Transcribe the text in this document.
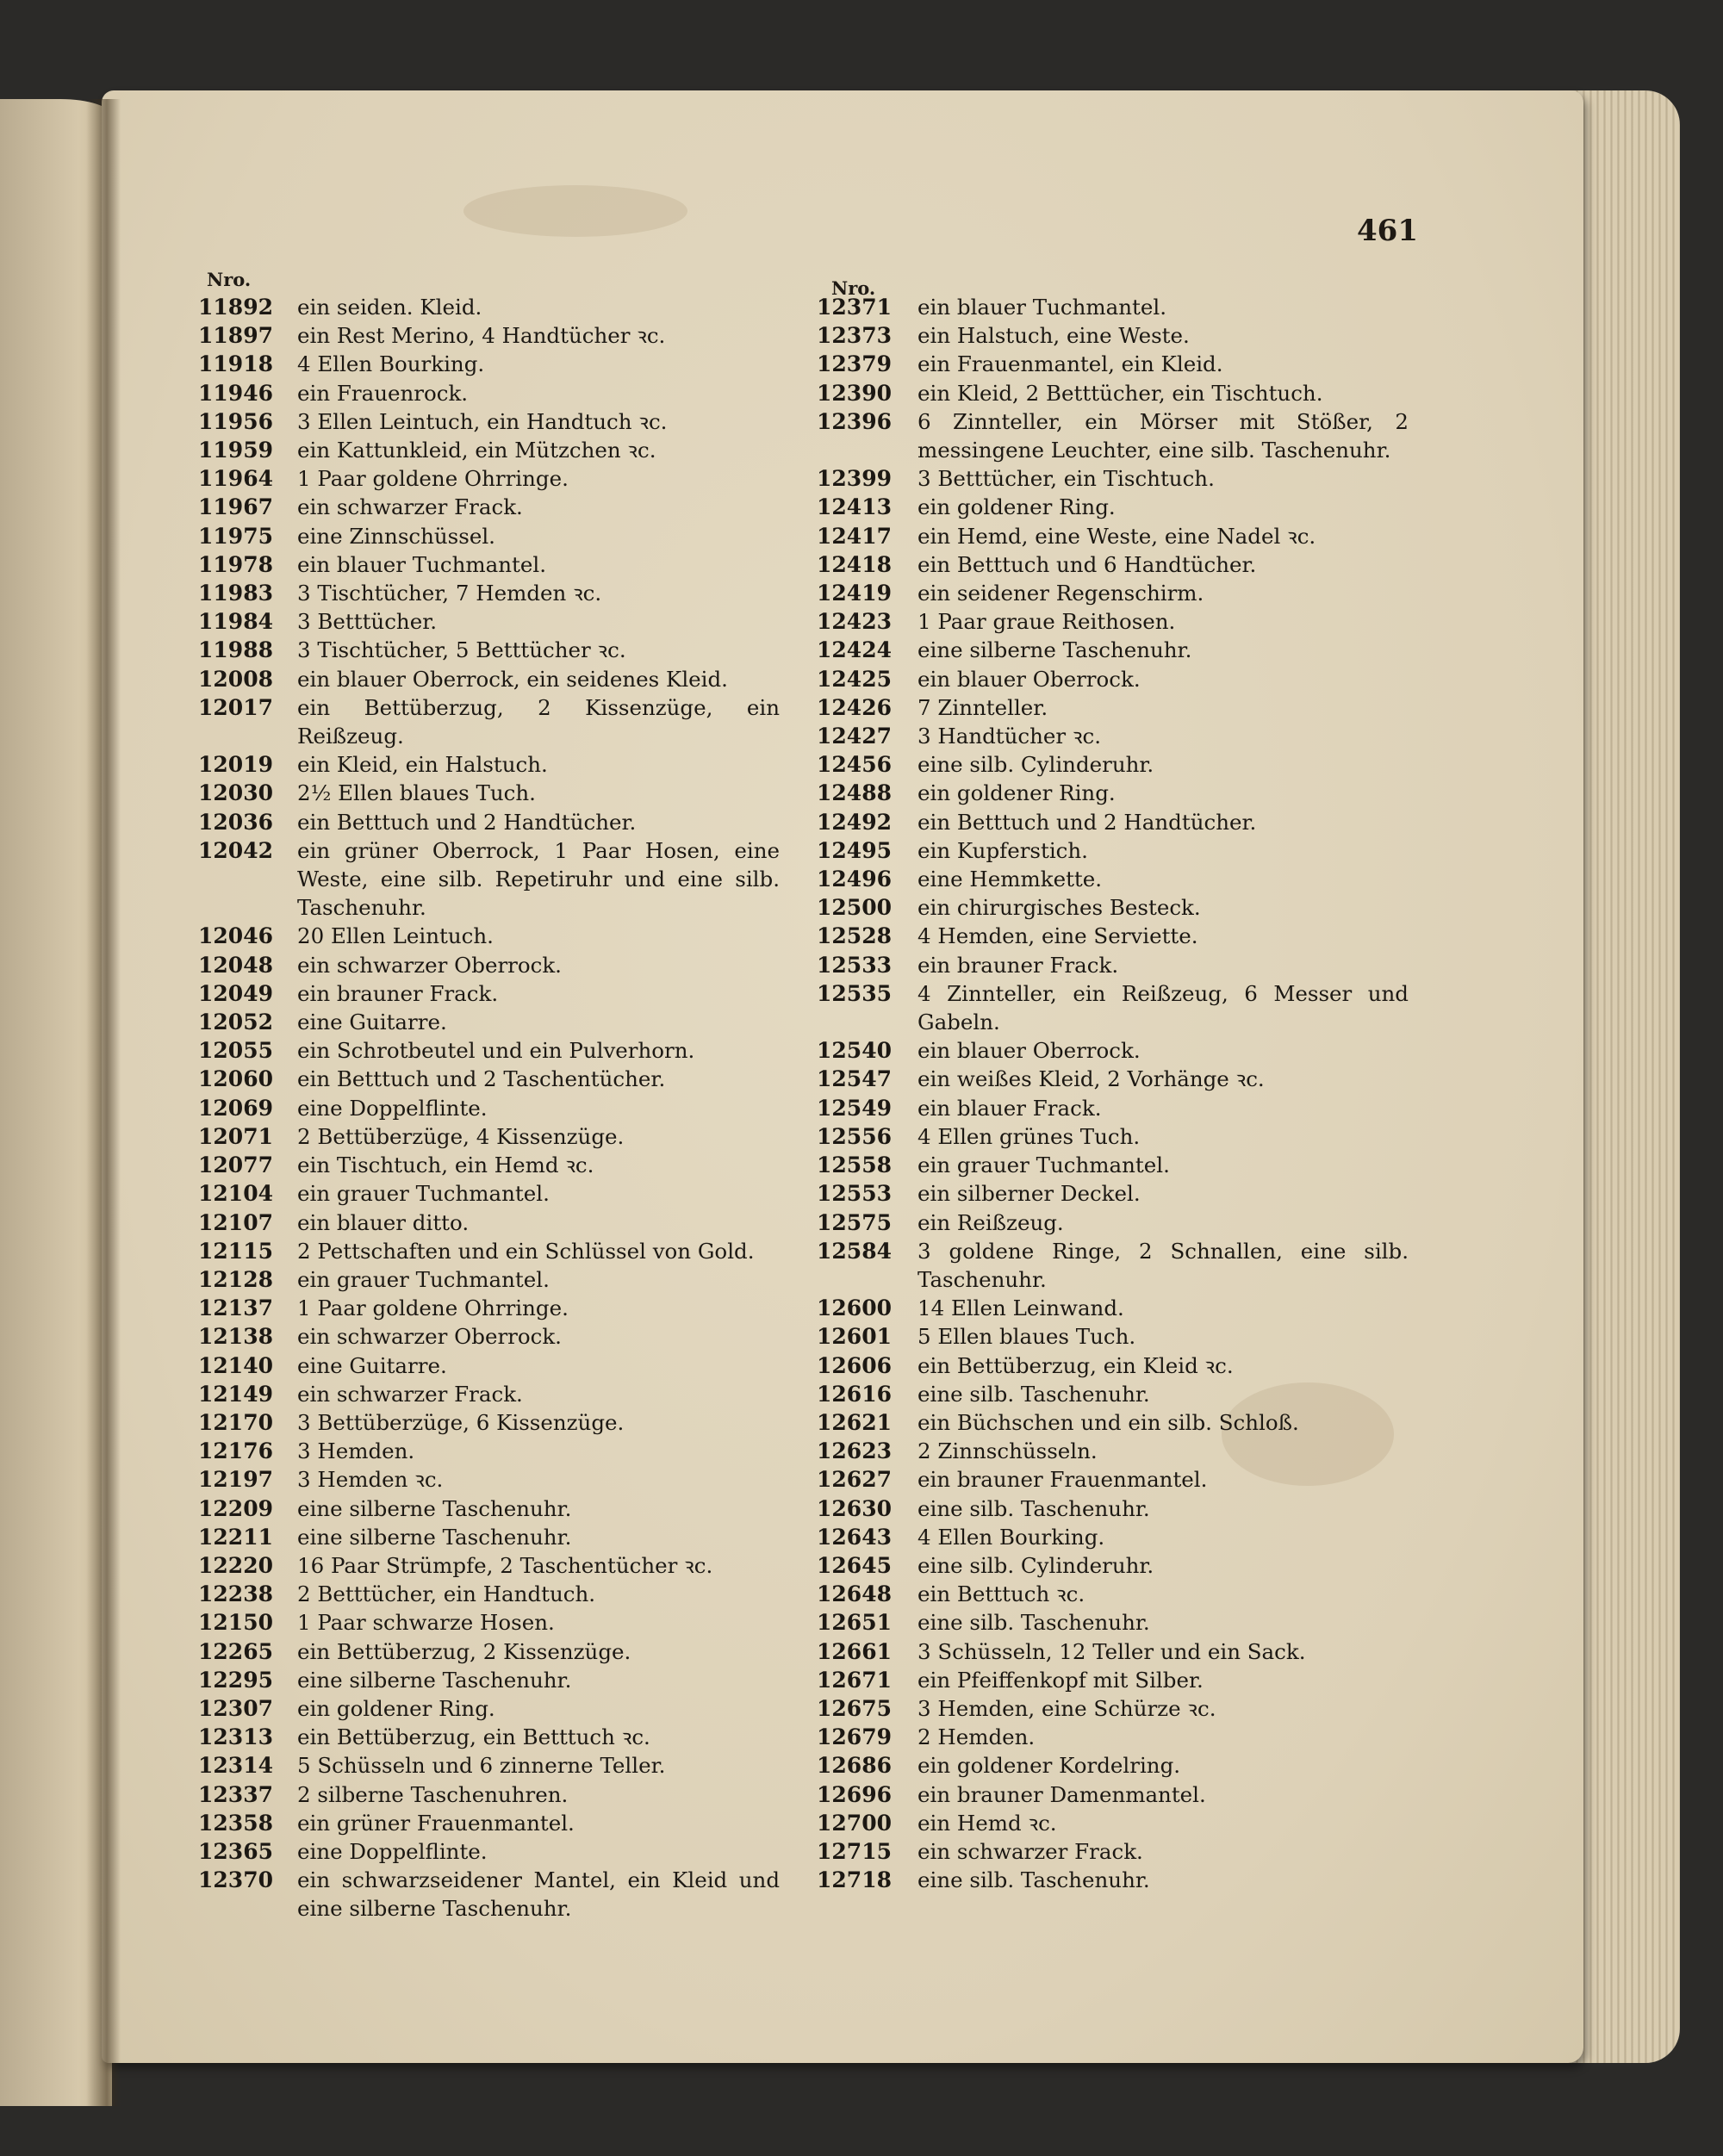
461
Nro.	Nro.
11892 ein seiden. Kleid.
11897 ein Rest Merino, 4 Handtücher ꝛc.
11918 4 Ellen Bourking.
11946 ein Frauenrock.
11956 3 Ellen Leintuch, ein Handtuch ꝛc.
11959 ein Kattunkleid, ein Mützchen ꝛc.
11964 1 Paar goldene Ohrringe.
11967 ein schwarzer Frack.
11975 eine Zinnschüssel.
11978 ein blauer Tuchmantel.
11983 3 Tischtücher, 7 Hemden ꝛc.
11984 3 Betttücher.
11988 3 Tischtücher, 5 Betttücher ꝛc.
12008 ein blauer Oberrock, ein seidenes Kleid.
12017 ein Bettüberzug, 2 Kissenzüge, ein Reißzeug.
12019 ein Kleid, ein Halstuch.
12030 2½ Ellen blaues Tuch.
12036 ein Betttuch und 2 Handtücher.
12042 ein grüner Oberrock, 1 Paar Hosen, eine Weste, eine silb. Repetiruhr und eine silb. Taschenuhr.
12046 20 Ellen Leintuch.
12048 ein schwarzer Oberrock.
12049 ein brauner Frack.
12052 eine Guitarre.
12055 ein Schrotbeutel und ein Pulverhorn.
12060 ein Betttuch und 2 Taschentücher.
12069 eine Doppelflinte.
12071 2 Bettüberzüge, 4 Kissenzüge.
12077 ein Tischtuch, ein Hemd ꝛc.
12104 ein grauer Tuchmantel.
12107 ein blauer ditto.
12115 2 Pettschaften und ein Schlüssel von Gold.
12128 ein grauer Tuchmantel.
12137 1 Paar goldene Ohrringe.
12138 ein schwarzer Oberrock.
12140 eine Guitarre.
12149 ein schwarzer Frack.
12170 3 Bettüberzüge, 6 Kissenzüge.
12176 3 Hemden.
12197 3 Hemden ꝛc.
12209 eine silberne Taschenuhr.
12211 eine silberne Taschenuhr.
12220 16 Paar Strümpfe, 2 Taschentücher ꝛc.
12238 2 Betttücher, ein Handtuch.
12150 1 Paar schwarze Hosen.
12265 ein Bettüberzug, 2 Kissenzüge.
12295 eine silberne Taschenuhr.
12307 ein goldener Ring.
12313 ein Bettüberzug, ein Betttuch ꝛc.
12314 5 Schüsseln und 6 zinnerne Teller.
12337 2 silberne Taschenuhren.
12358 ein grüner Frauenmantel.
12365 eine Doppelflinte.
12370 ein schwarzseidener Mantel, ein Kleid und eine silberne Taschenuhr.
12371 ein blauer Tuchmantel.
12373 ein Halstuch, eine Weste.
12379 ein Frauenmantel, ein Kleid.
12390 ein Kleid, 2 Betttücher, ein Tischtuch.
12396 6 Zinnteller, ein Mörser mit Stößer, 2 messingene Leuchter, eine silb. Taschenuhr.
12399 3 Betttücher, ein Tischtuch.
12413 ein goldener Ring.
12417 ein Hemd, eine Weste, eine Nadel ꝛc.
12418 ein Betttuch und 6 Handtücher.
12419 ein seidener Regenschirm.
12423 1 Paar graue Reithosen.
12424 eine silberne Taschenuhr.
12425 ein blauer Oberrock.
12426 7 Zinnteller.
12427 3 Handtücher ꝛc.
12456 eine silb. Cylinderuhr.
12488 ein goldener Ring.
12492 ein Betttuch und 2 Handtücher.
12495 ein Kupferstich.
12496 eine Hemmkette.
12500 ein chirurgisches Besteck.
12528 4 Hemden, eine Serviette.
12533 ein brauner Frack.
12535 4 Zinnteller, ein Reißzeug, 6 Messer und Gabeln.
12540 ein blauer Oberrock.
12547 ein weißes Kleid, 2 Vorhänge ꝛc.
12549 ein blauer Frack.
12556 4 Ellen grünes Tuch.
12558 ein grauer Tuchmantel.
12553 ein silberner Deckel.
12575 ein Reißzeug.
12584 3 goldene Ringe, 2 Schnallen, eine silb. Taschenuhr.
12600 14 Ellen Leinwand.
12601 5 Ellen blaues Tuch.
12606 ein Bettüberzug, ein Kleid ꝛc.
12616 eine silb. Taschenuhr.
12621 ein Büchschen und ein silb. Schloß.
12623 2 Zinnschüsseln.
12627 ein brauner Frauenmantel.
12630 eine silb. Taschenuhr.
12643 4 Ellen Bourking.
12645 eine silb. Cylinderuhr.
12648 ein Betttuch ꝛc.
12651 eine silb. Taschenuhr.
12661 3 Schüsseln, 12 Teller und ein Sack.
12671 ein Pfeiffenkopf mit Silber.
12675 3 Hemden, eine Schürze ꝛc.
12679 2 Hemden.
12686 ein goldener Kordelring.
12696 ein brauner Damenmantel.
12700 ein Hemd ꝛc.
12715 ein schwarzer Frack.
12718 eine silb. Taschenuhr.
